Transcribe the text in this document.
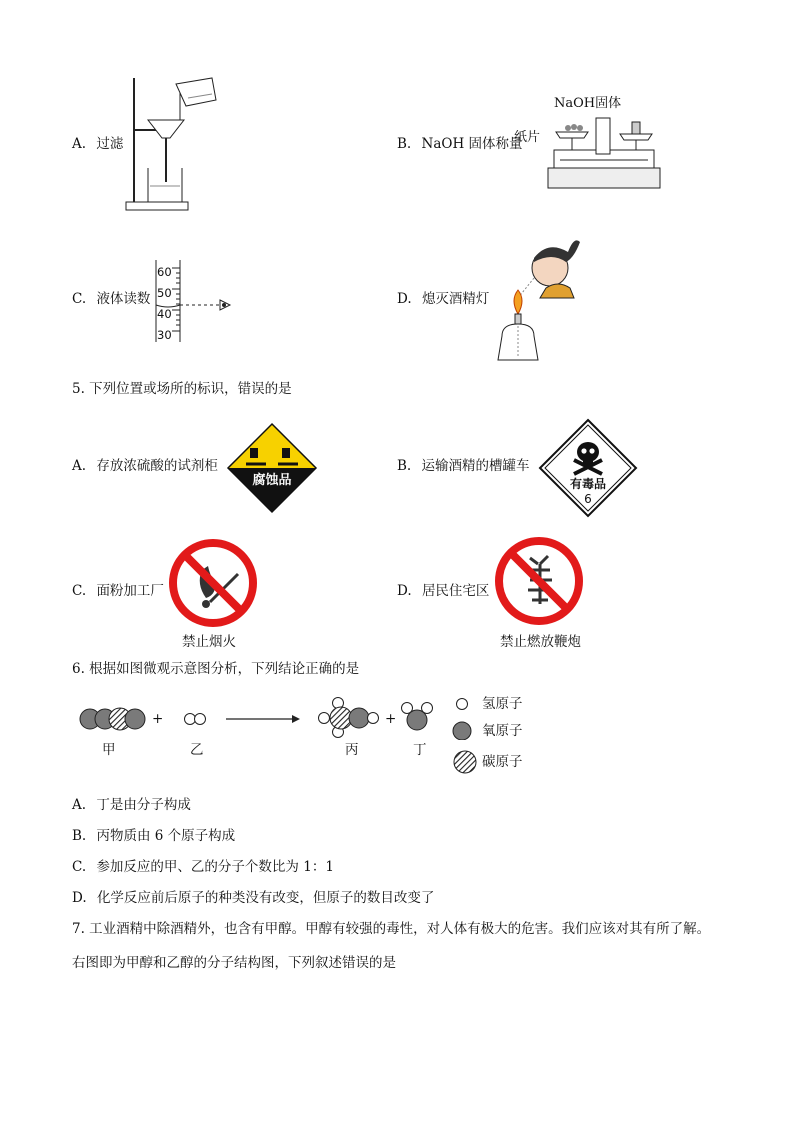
A. 过滤	B. NaOH 固体称量
NaOH固体
纸片
C. 液体读数
60
50
40
30
D. 熄灭酒精灯
5. 下列位置或场所的标识，错误的是
A. 存放浓硫酸的试剂柜
腐蚀品
B. 运输酒精的槽罐车
有毒品
6
C. 面粉加工厂
禁止烟火
D. 居民住宅区
禁止燃放鞭炮
6. 根据如图微观示意图分析，下列结论正确的是
+	+
甲	乙	丙	丁
氢原子
氧原子
碳原子
A. 丁是由分子构成
B. 丙物质由 6 个原子构成
C. 参加反应的甲、乙的分子个数比为 1：1
D. 化学反应前后原子的种类没有改变，但原子的数目改变了
7. 工业酒精中除酒精外，也含有甲醇。甲醇有较强的毒性，对人体有极大的危害。我们应该对其有所了解。
右图即为甲醇和乙醇的分子结构图，下列叙述错误的是
